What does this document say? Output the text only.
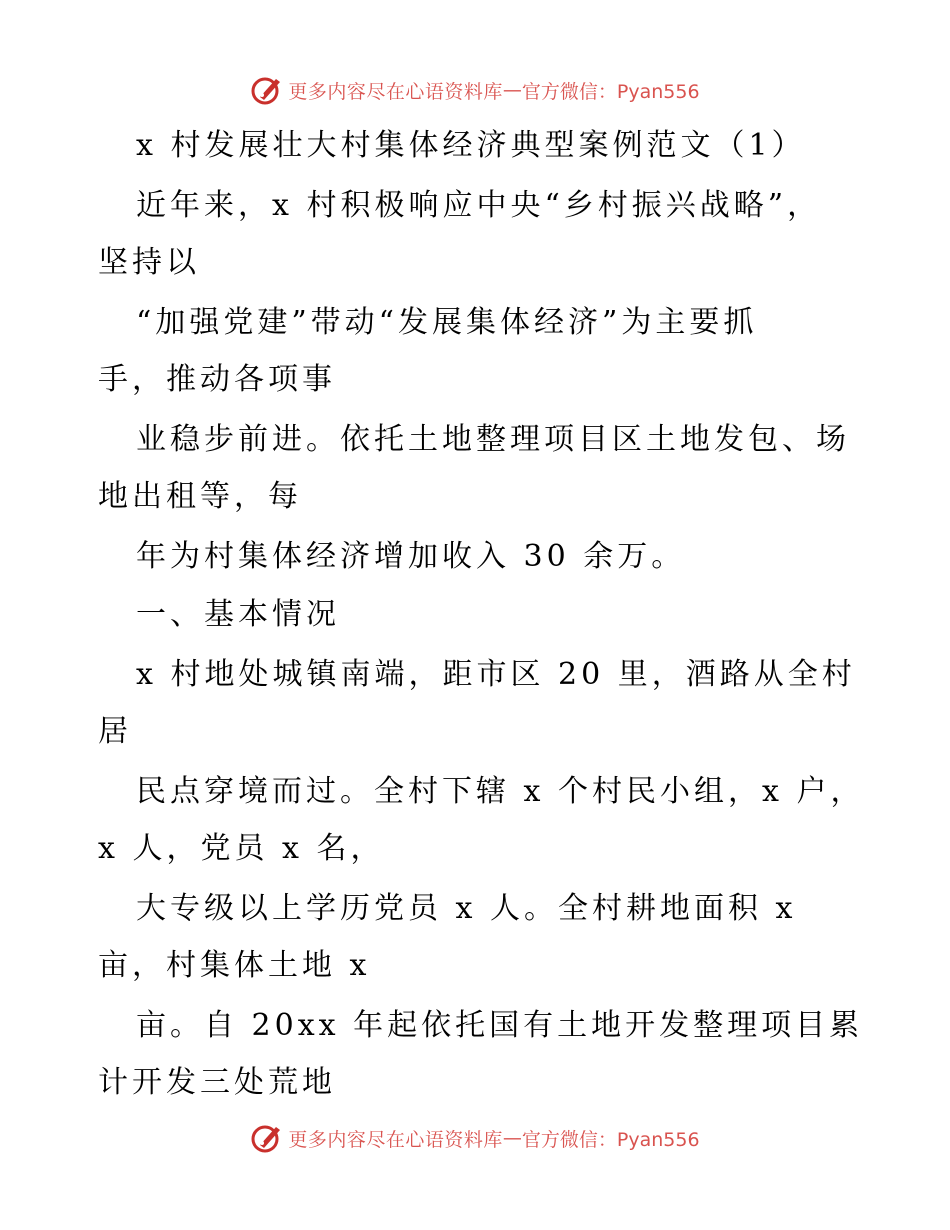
更多内容尽在心语资料库 — 官方微信：Pyan556
x 村发展壮大村集体经济典型案例范文（1）
近年来，x 村积极响应中央“乡村振兴战略”，
坚持以
“加强党建”带动“发展集体经济”为主要抓
手，推动各项事
业稳步前进。依托土地整理项目区土地发包、场
地出租等，每
年为村集体经济增加收入 30 余万。
一、基本情况
x 村地处城镇南端，距市区 20 里，酒路从全村
居
民点穿境而过。全村下辖 x 个村民小组，x 户，
x 人，党员 x 名，
大专级以上学历党员 x 人。全村耕地面积 x
亩，村集体土地 x
亩。自 20xx 年起依托国有土地开发整理项目累
计开发三处荒地
更多内容尽在心语资料库 — 官方微信：Pyan556
